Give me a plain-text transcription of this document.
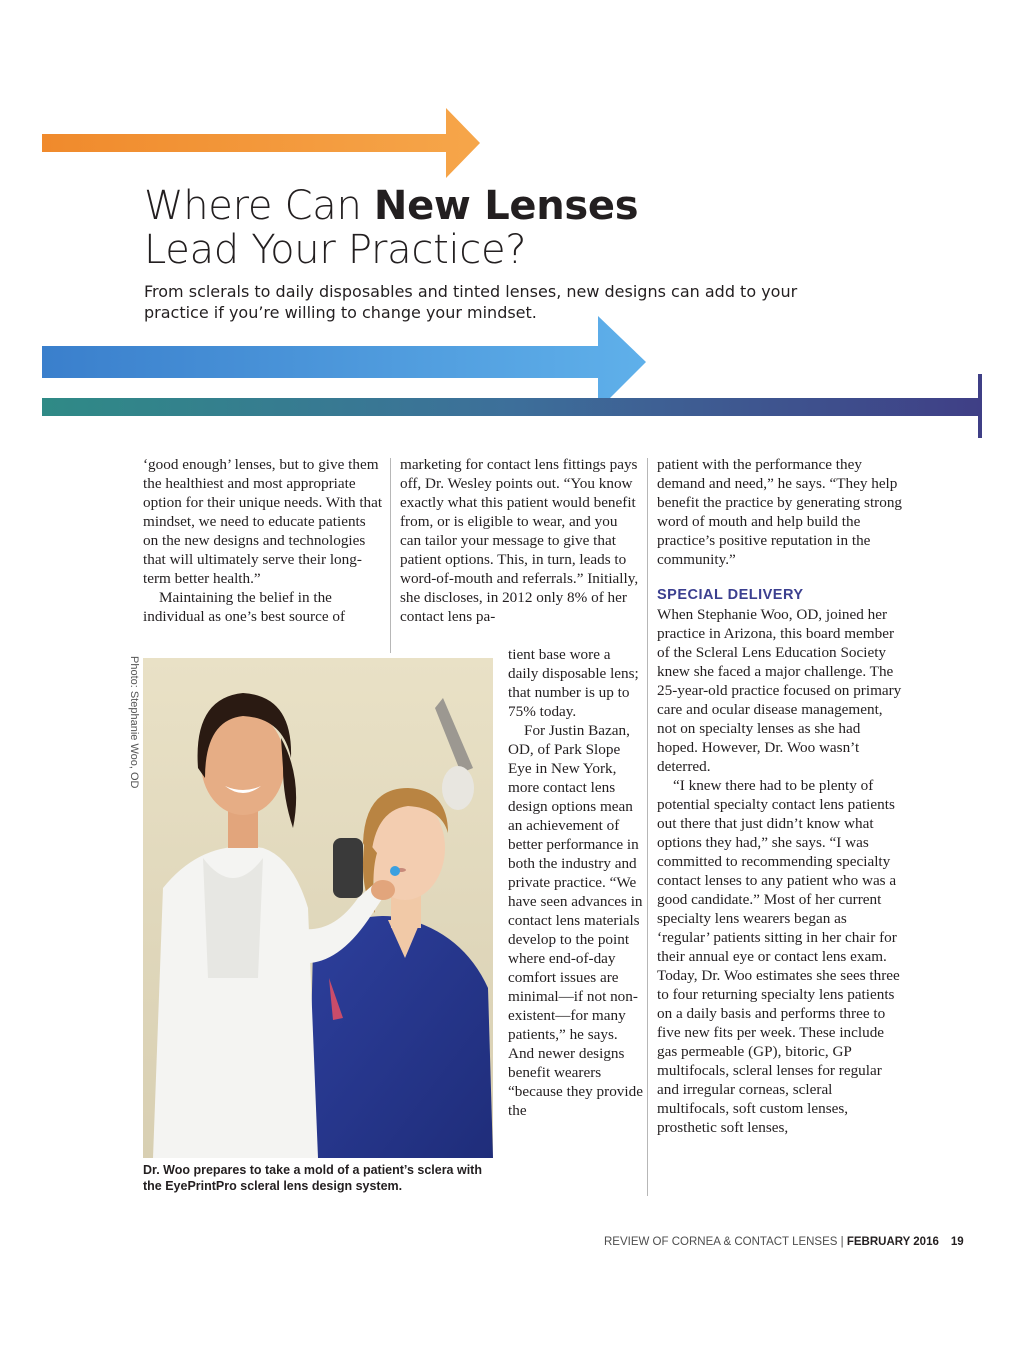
Where Can New Lenses
Lead Your Practice?

From sclerals to daily disposables and tinted lenses, new designs can add to your practice if you’re willing to change your mindset.

‘good enough’ lenses, but to give them the healthiest and most appropriate option for their unique needs. With that mindset, we need to educate patients on the new designs and technologies that will ultimately serve their long-term better health.”

Maintaining the belief in the individual as one’s best source of

marketing for contact lens fittings pays off, Dr. Wesley points out. “You know exactly what this patient would benefit from, or is eligible to wear, and you can tailor your message to give that patient options. This, in turn, leads to word-of-mouth and referrals.” Initially, she discloses, in 2012 only 8% of her contact lens pa-

tient base wore a daily disposable lens; that number is up to 75% today.

For Justin Bazan, OD, of Park Slope Eye in New York, more contact lens design options mean an achievement of better performance in both the industry and private practice. “We have seen advances in contact lens materials develop to the point where end-of-day comfort issues are minimal—if not non-existent—for many patients,” he says. And newer designs benefit wearers “because they provide the

patient with the performance they demand and need,” he says. “They help benefit the practice by generating strong word of mouth and help build the practice’s positive reputation in the community.”

SPECIAL DELIVERY

When Stephanie Woo, OD, joined her practice in Arizona, this board member of the Scleral Lens Education Society knew she faced a major challenge. The 25-year-old practice focused on primary care and ocular disease management, not on specialty lenses as she had hoped. However, Dr. Woo wasn’t deterred.

“I knew there had to be plenty of potential specialty contact lens patients out there that just didn’t know what options they had,” she says. “I was committed to recommending specialty contact lenses to any patient who was a good candidate.” Most of her current specialty lens wearers began as ‘regular’ patients sitting in her chair for their annual eye or contact lens exam. Today, Dr. Woo estimates she sees three to four returning specialty lens patients on a daily basis and performs three to five new fits per week. These include gas permeable (GP), bitoric, GP multifocals, scleral lenses for regular and irregular corneas, scleral multifocals, soft custom lenses, prosthetic soft lenses,

Photo: Stephanie Woo, OD

Dr. Woo prepares to take a mold of a patient’s sclera with the EyePrintPro scleral lens design system.

REVIEW OF CORNEA & CONTACT LENSES | FEBRUARY 2016 19
